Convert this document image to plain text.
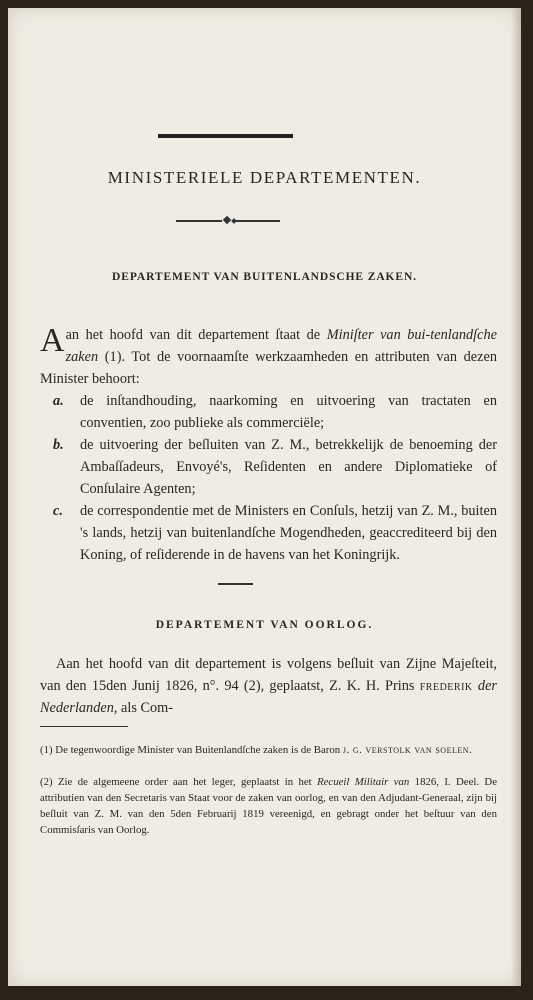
MINISTERIELE DEPARTEMENTEN.
DEPARTEMENT VAN BUITENLANDSCHE ZAKEN.
Aan het hoofd van dit departement ſtaat de Miniſter van bui-tenlandſche zaken (1). Tot de voornaamſte werkzaamheden en attributen van dezen Minister behoort:
a.	de inſtandhouding, naarkoming en uitvoering van tractaten en conventien, zoo publieke als commerciële;
b.	de uitvoering der beſluiten van Z. M., betrekkelijk de benoeming der Ambaſſadeurs, Envoyé's, Reſidenten en andere Diplomatieke of Conſulaire Agenten;
c.	de correspondentie met de Ministers en Conſuls, hetzij van Z. M., buiten 's lands, hetzij van buitenlandſche Mogendheden, geaccrediteerd bij den Koning, of reſiderende in de havens van het Koningrijk.
DEPARTEMENT VAN OORLOG.
Aan het hoofd van dit departement is volgens beſluit van Zijne Majeſteit, van den 15den Junij 1826, n°. 94 (2), geplaatst, Z. K. H. Prins frederik der Nederlanden, als Com-
(1) De tegenwoordige Minister van Buitenlandſche zaken is de Baron j. g. verstolk van soelen.
(2) Zie de algemeene order aan het leger, geplaatst in het Recueil Militair van 1826, I. Deel. De attributien van den Secretaris van Staat voor de zaken van oorlog, en van den Adjudant-Generaal, zijn bij beſluit van Z. M. van den 5den Februarij 1819 vereenigd, en gebragt onder het beſtuur van den Commisſaris van Oorlog.
